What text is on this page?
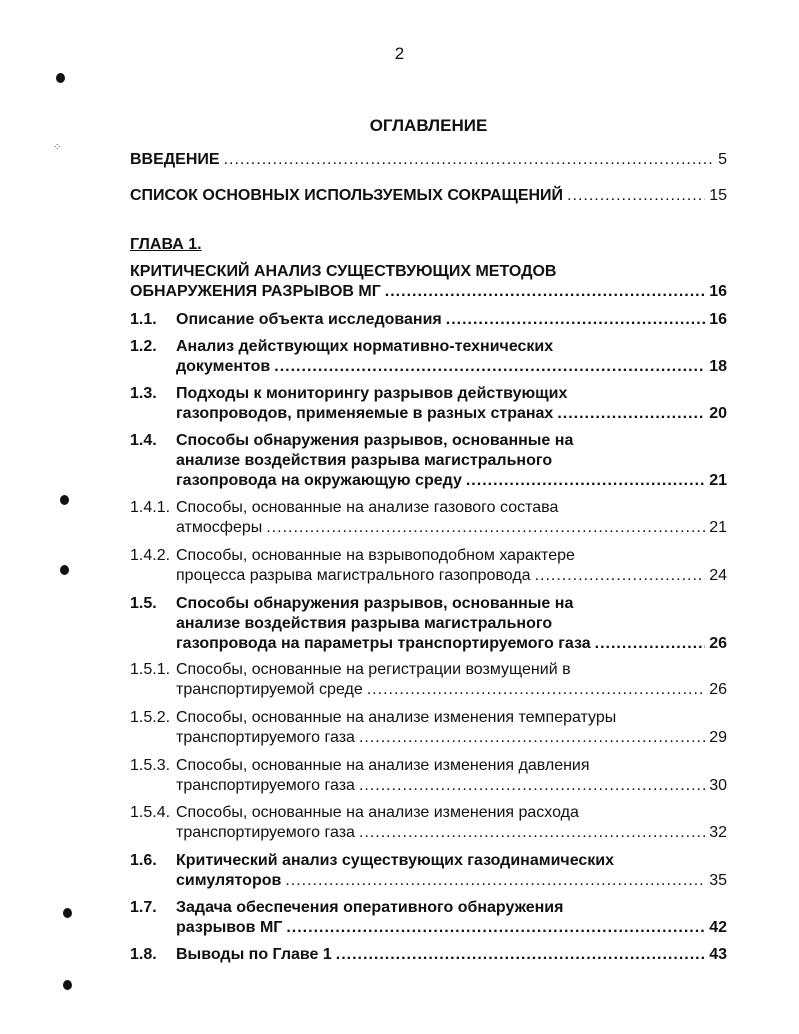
2
ОГЛАВЛЕНИЕ
⁘
ВВЕДЕНИЕ .....	5
СПИСОК ОСНОВНЫХ ИСПОЛЬЗУЕМЫХ СОКРАЩЕНИЙ .....	15
ГЛАВА 1.
КРИТИЧЕСКИЙ АНАЛИЗ СУЩЕСТВУЮЩИХ МЕТОДОВ
ОБНАРУЖЕНИЯ РАЗРЫВОВ МГ .....	16
1.1. Описание объекта исследования .....	16
1.2. Анализ действующих нормативно-технических
документов .....	18
1.3. Подходы к мониторингу разрывов действующих
газопроводов, применяемые в разных странах .....	20
1.4. Способы обнаружения разрывов, основанные на
анализе воздействия разрыва магистрального
газопровода на окружающую среду .....	21
1.4.1. Способы, основанные на анализе газового состава
атмосферы .....	21
1.4.2. Способы, основанные на взрывоподобном характере
процесса разрыва магистрального газопровода .....	24
1.5. Способы обнаружения разрывов, основанные на
анализе воздействия разрыва магистрального
газопровода на параметры транспортируемого газа .....	26
1.5.1. Способы, основанные на регистрации возмущений в
транспортируемой среде .....	26
1.5.2. Способы, основанные на анализе изменения температуры
транспортируемого газа .....	29
1.5.3. Способы, основанные на анализе изменения давления
транспортируемого газа .....	30
1.5.4. Способы, основанные на анализе изменения расхода
транспортируемого газа .....	32
1.6. Критический анализ существующих газодинамических
симуляторов .....	35
1.7. Задача обеспечения оперативного обнаружения
разрывов МГ .....	42
1.8. Выводы по Главе 1 .....	43
